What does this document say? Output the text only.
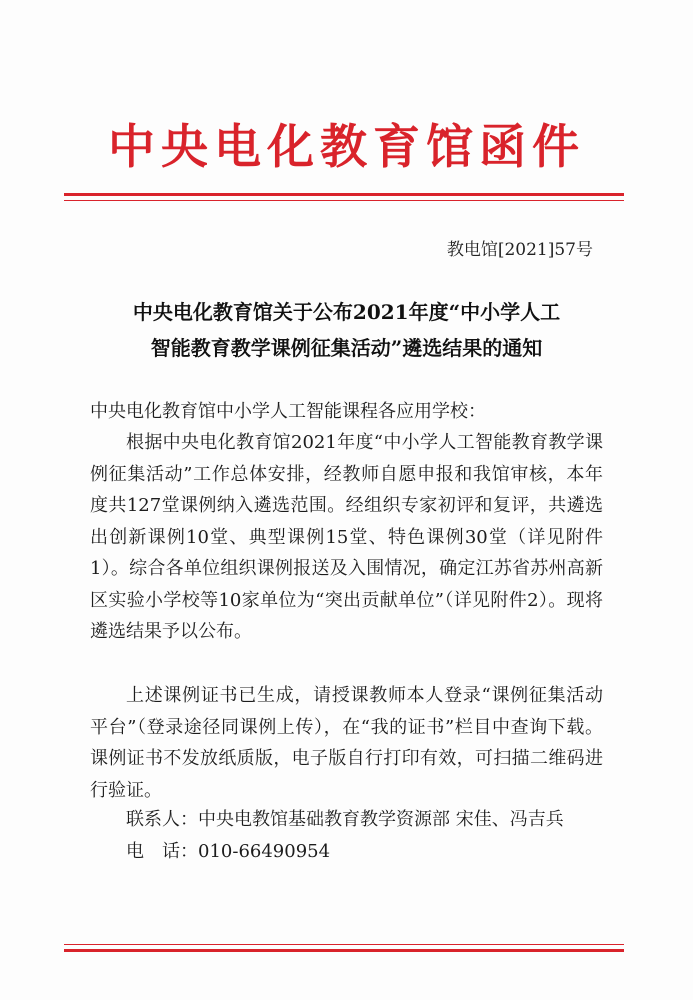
中央电化教育馆函件
教电馆[2021]57号
中央电化教育馆关于公布2021年度“中小学人工
智能教育教学课例征集活动”遴选结果的通知
中央电化教育馆中小学人工智能课程各应用学校：
根据中央电化教育馆2021年度“中小学人工智能教育教学课例征集活动”工作总体安排，经教师自愿申报和我馆审核，本年度共127堂课例纳入遴选范围。经组织专家初评和复评，共遴选出创新课例10堂、典型课例15堂、特色课例30堂（详见附件1）。综合各单位组织课例报送及入围情况，确定江苏省苏州高新区实验小学校等10家单位为“突出贡献单位”（详见附件2）。现将遴选结果予以公布。
上述课例证书已生成，请授课教师本人登录“课例征集活动平台”（登录途径同课例上传），在“我的证书”栏目中查询下载。课例证书不发放纸质版，电子版自行打印有效，可扫描二维码进行验证。
联系人：中央电教馆基础教育教学资源部 宋佳、冯吉兵
电　话：010-66490954
